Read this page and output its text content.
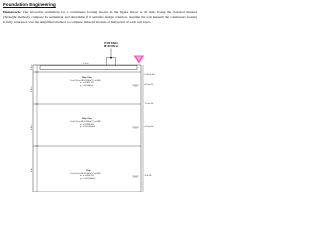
Foundation Engineering

Homework: The allowable settlement for a continuous footing shown in the figure below is 45 mm. Using the classical method (Terzaghi method), compute its settlement and determine if it satisfies design criterion. Assume the soil beneath the continuous footing is fully saturated. Use the simplified method to compute induced stresses at mid-point of each soil layer.

P=80 KN/m
M=20 KN.m
1.2 m
0.5 m
1.5 m
4.5 m
2 m
0.35 m GL
0.5 m GL
1.5 m GL
4.5 m GL
3 m GL
Silty Clay
Cₜ=0.14 γ=18.0 KN/m³ Cₑ=0.88
e₀ = 0.801 0%
γₛ = 20 kN/m³
Silty Clay
Cₜ=0.14 γ=18.0 KN/m³ Cₑ=0.88
e₀ = 0.899 0%
γₛ = 20.6 kN/m³
Clay
Cₜ=0.14 γ=18.0 KN/m³ Cₑ=0.88
e₀ = 0.855 0%
γₛ = 19.8 kN/m³
